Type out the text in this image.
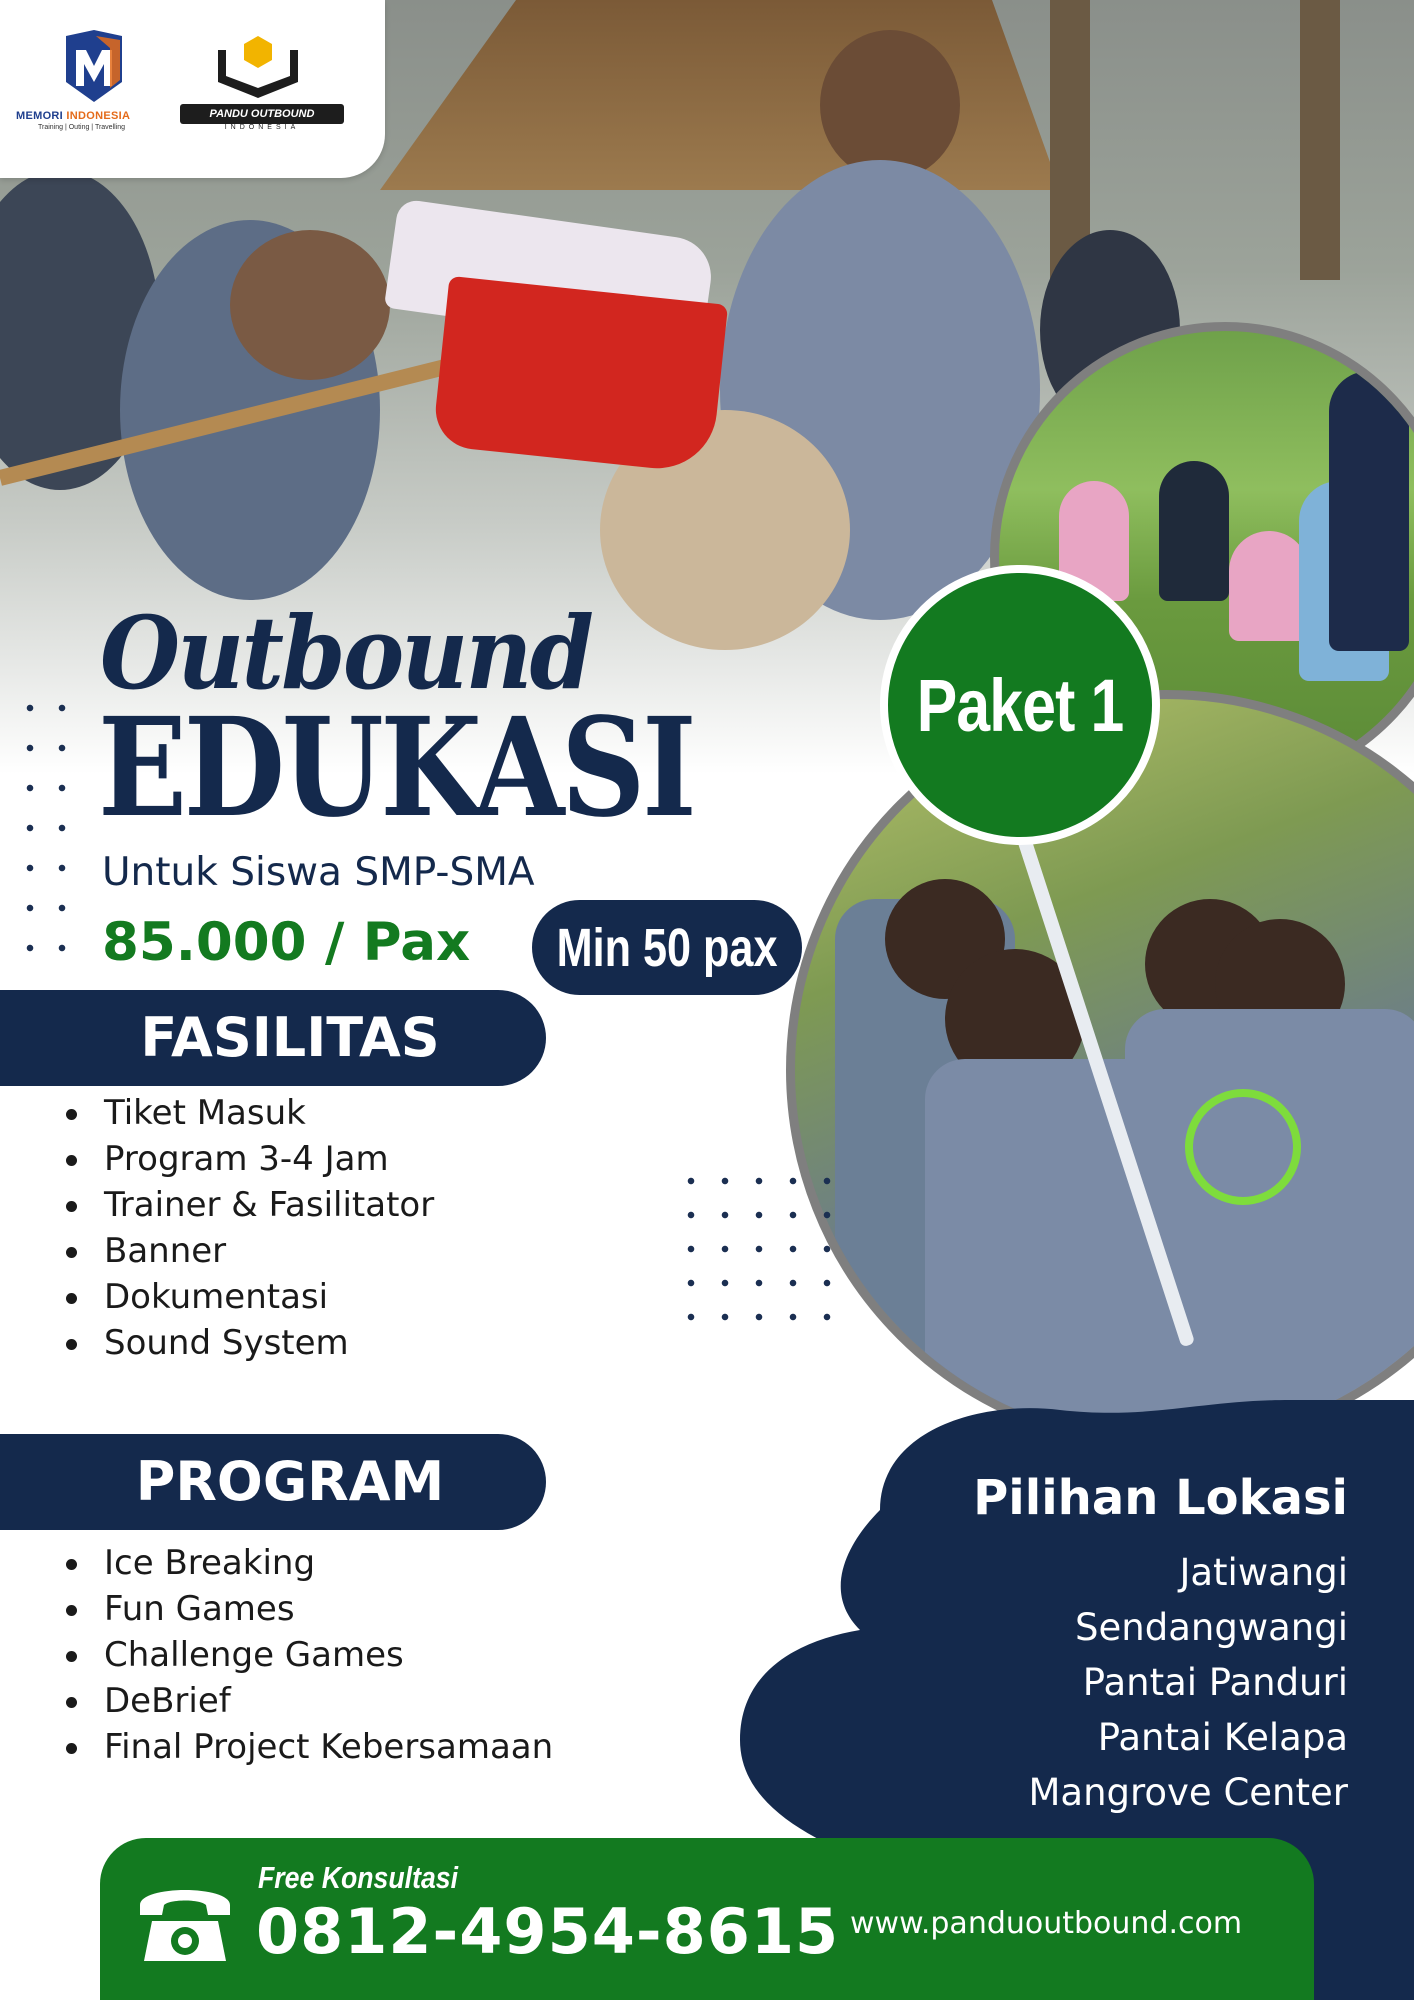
MEMORI INDONESIA
Training | Outing | Travelling
PANDU OUTBOUND
INDONESIA
Paket 1
Outbound
EDUKASI
Untuk Siswa SMP-SMA
85.000 / Pax Min 50 pax
FASILITAS
Tiket Masuk
Program 3-4 Jam
Trainer & Fasilitator
Banner
Dokumentasi
Sound System
PROGRAM
Ice Breaking
Fun Games
Challenge Games
DeBrief
Final Project Kebersamaan
Pilihan Lokasi
Jatiwangi
Sendangwangi
Pantai Panduri
Pantai Kelapa
Mangrove Center
Free Konsultasi
0812-4954-8615 www.panduoutbound.com
